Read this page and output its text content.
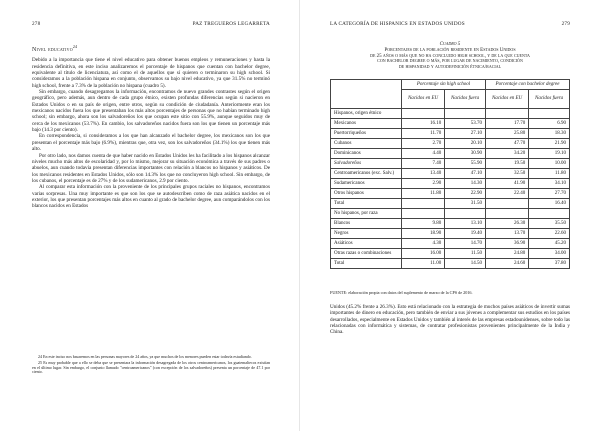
278	PAZ TREGUEROS LEGARRETA
Nivel educativo$^{24}$

Debido a la importancia que tiene el nivel educativo para obtener buenos empleos y remuneraciones y hasta la residencia definitiva, en este inciso analizaremos el porcentaje de hispanos que cuentan con bachelor degree, equivalente al título de licenciatura, así como el de aquellos que sí quieren o terminaron su high school. Si consideramos a la población hispana en conjunto, observamos su bajo nivel educativo, ya que 31.5% no terminó high school, frente a 7.3% de la población no hispana (cuadro 5).

Sin embargo, cuando desagregamos la información, encontramos de nuevo grandes contrastes según el origen geográfico, pero además, aun dentro de cada grupo étnico, existen profundas diferencias según si nacieron en Estados Unidos o en su país de origen, entre otros, según su condición de ciudadanía. Anteriormente eran los mexicanos nacidos fuera los que presentaban los más altos porcentajes de personas que no habían terminado high school; sin embargo, ahora son los salvadoreños los que ocupan este sitio con 55.9%, aunque seguidos muy de cerca de los mexicanos (53.7%). En cambio, los salvadoreños nacidos fuera son los que tienen un porcentaje más bajo (14.3 por ciento).

En correspondencia, si consideramos a los que han alcanzado el bachelor degree, los mexicanos son los que presentan el porcentaje más bajo (6.9%), mientras que, otra vez, son los salvadoreños (34.1%) los que tienen más alto.

Por otro lado, nos damos cuenta de que haber nacido en Estados Unidos les ha facilitado a los hispanos alcanzar niveles mucho más altos de escolaridad y, por lo mismo, mejorar su situación económica a través de sus padres o abuelos, aun cuando todavía presentan diferencias importantes con relación a blancos no hispanos y asiáticos. De los mexicanos residentes en Estados Unidos, sólo son 14.3% los que no concluyeron high school. Sin embargo, de los cubanos, el porcentaje es de 27% y de los sudamericanos, 2.9 por ciento.

Al comparar esta información con la proveniente de los principales grupos raciales no hispanos, encontramos varias sorpresas. Una muy importante es que son los que se autodescriben como de raza asiática nacidos en el exterior, los que presentan porcentajes más altos en cuanto al grado de bachelor degree, aun comparándolos con los blancos nacidos en Estados

24 En este inciso nos basaremos en las personas mayores de 24 años, ya que muchos de los menores pueden estar todavía estudiando.

25 Es muy probable que a ello se deba que se presentara la información desagregada de los otros centroamericanos, los guatemaltecos existían en el último lugar. Sin embargo, el conjunto llamado "centroamericanos" (con excepción de los salvadoreños) presenta un porcentaje de 47.1 por ciento.

LA CATEGORÍA DE HISPANICS EN ESTADOS UNIDOS	279
Cuadro 5
Porcentajes de la población residente en Estados Unidos
de 25 años o más que no ha concluido high school, y de la que cuenta
con bachelor degree o más, por lugar de nacimiento, condición
de hispanidad y autodefinición étnica/racial
	Porcentaje sin high school		Porcentaje con bachelor degree	
	Nacidos en EU	Nacidos fuera	Nacidos en EU	Nacidos fuera
Hispanos, origen étnico				
Mexicanos	16.10	53.70	17.70	6.90
Puertorriqueños	11.70	27.10	25.80	18.30
Cubanos	2.70	20.10	47.70	21.90
Dominicanos	4.40	30.90	34.20	19.10
Salvadoreños	7.40	55.90	19.50	10.00
Centroamericanos (exc. Salv.)	13.40	47.10	32.50	11.80
Sudamericanos	2.90	14.30	41.90	34.10
Otros hispanos	11.80	22.90	22.40	27.70
Total		31.50		16.40
No hispanos, por raza				
Blancos	9.80	13.10	26.30	35.50
Negros	18.90	19.40	13.70	22.60
Asiáticos	4.30	14.70	36.90	45.20
Otras razas o combinaciones	16.00	11.50	24.80	34.00
Total	11.00	14.50	24.60	37.80
FUENTE: elaboración propia con datos del suplemento de marzo de la CPS de 2016.

Unidos (45.2% frente a 26.3%). Esto está relacionado con la estrategia de muchos países asiáticos de invertir sumas importantes de dinero en educación, pero también de enviar a sus jóvenes a complementar sus estudios en los países desarrollados, especialmente en Estados Unidos y también al interés de las empresas estadounidenses, sobre todo las relacionadas con informática y sistemas, de contratar profesionistas provenientes principalmente de la India y China.
